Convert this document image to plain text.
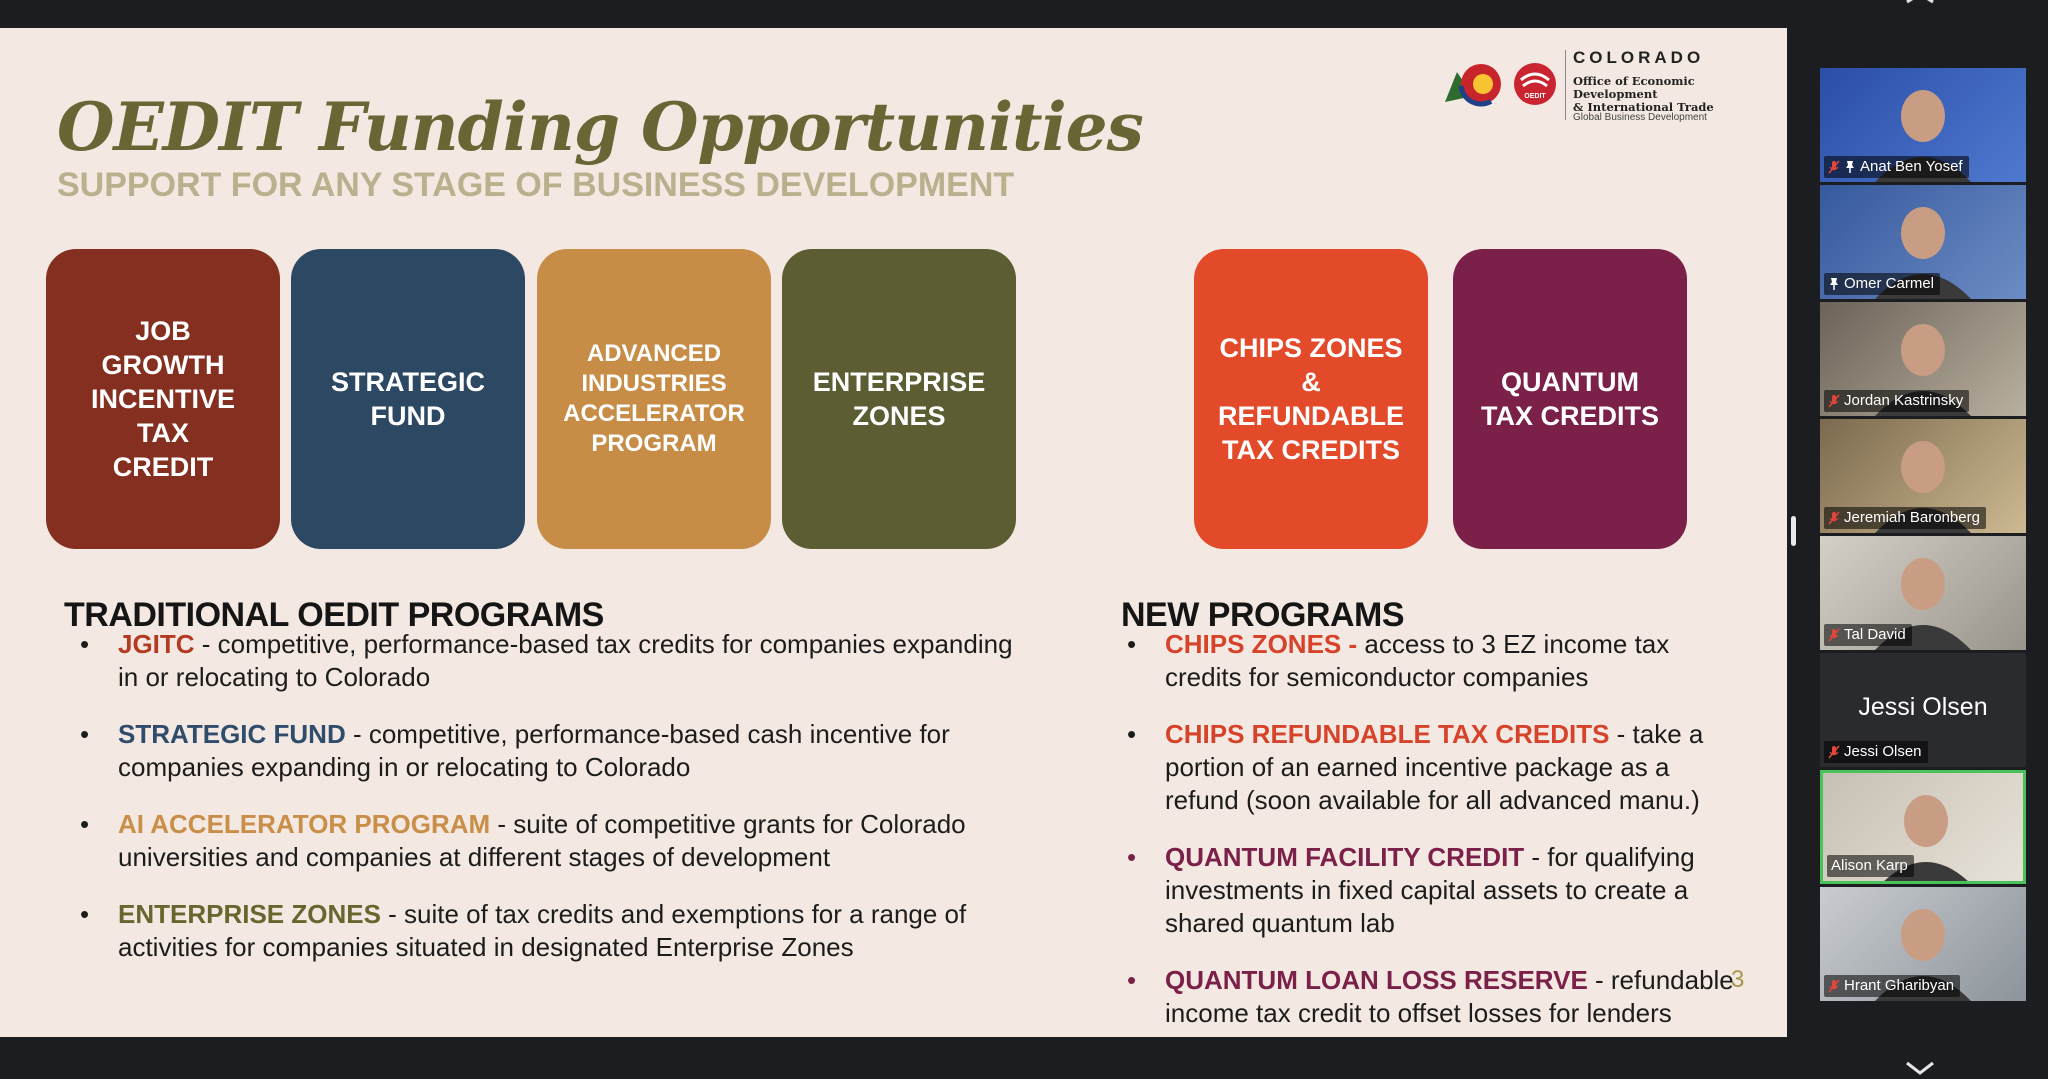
OEDIT Funding Opportunities
SUPPORT FOR ANY STAGE OF BUSINESS DEVELOPMENT
OEDIT
COLORADO
Office of Economic Development
& International Trade
Global Business Development
JOB
GROWTH
INCENTIVE
TAX
CREDIT
STRATEGIC
FUND
ADVANCED
INDUSTRIES
ACCELERATOR
PROGRAM
ENTERPRISE
ZONES
CHIPS ZONES
&
REFUNDABLE
TAX CREDITS
QUANTUM
TAX CREDITS
TRADITIONAL OEDIT PROGRAMS
• JGITC - competitive, performance-based tax credits for companies expanding in or relocating to Colorado
• STRATEGIC FUND - competitive, performance-based cash incentive for companies expanding in or relocating to Colorado
• AI ACCELERATOR PROGRAM - suite of competitive grants for Colorado universities and companies at different stages of development
• ENTERPRISE ZONES - suite of tax credits and exemptions for a range of activities for companies situated in designated Enterprise Zones
NEW PROGRAMS
• CHIPS ZONES - access to 3 EZ income tax credits for semiconductor companies
• CHIPS REFUNDABLE TAX CREDITS - take a portion of an earned incentive package as a refund (soon available for all advanced manu.)
• QUANTUM FACILITY CREDIT - for qualifying investments in fixed capital assets to create a shared quantum lab
• QUANTUM LOAN LOSS RESERVE - refundable income tax credit to offset losses for lenders
3
Anat Ben Yosef
Omer Carmel
Jordan Kastrinsky
Jeremiah Baronberg
Tal David
Jessi Olsen
Jessi Olsen
Alison Karp
Hrant Gharibyan
